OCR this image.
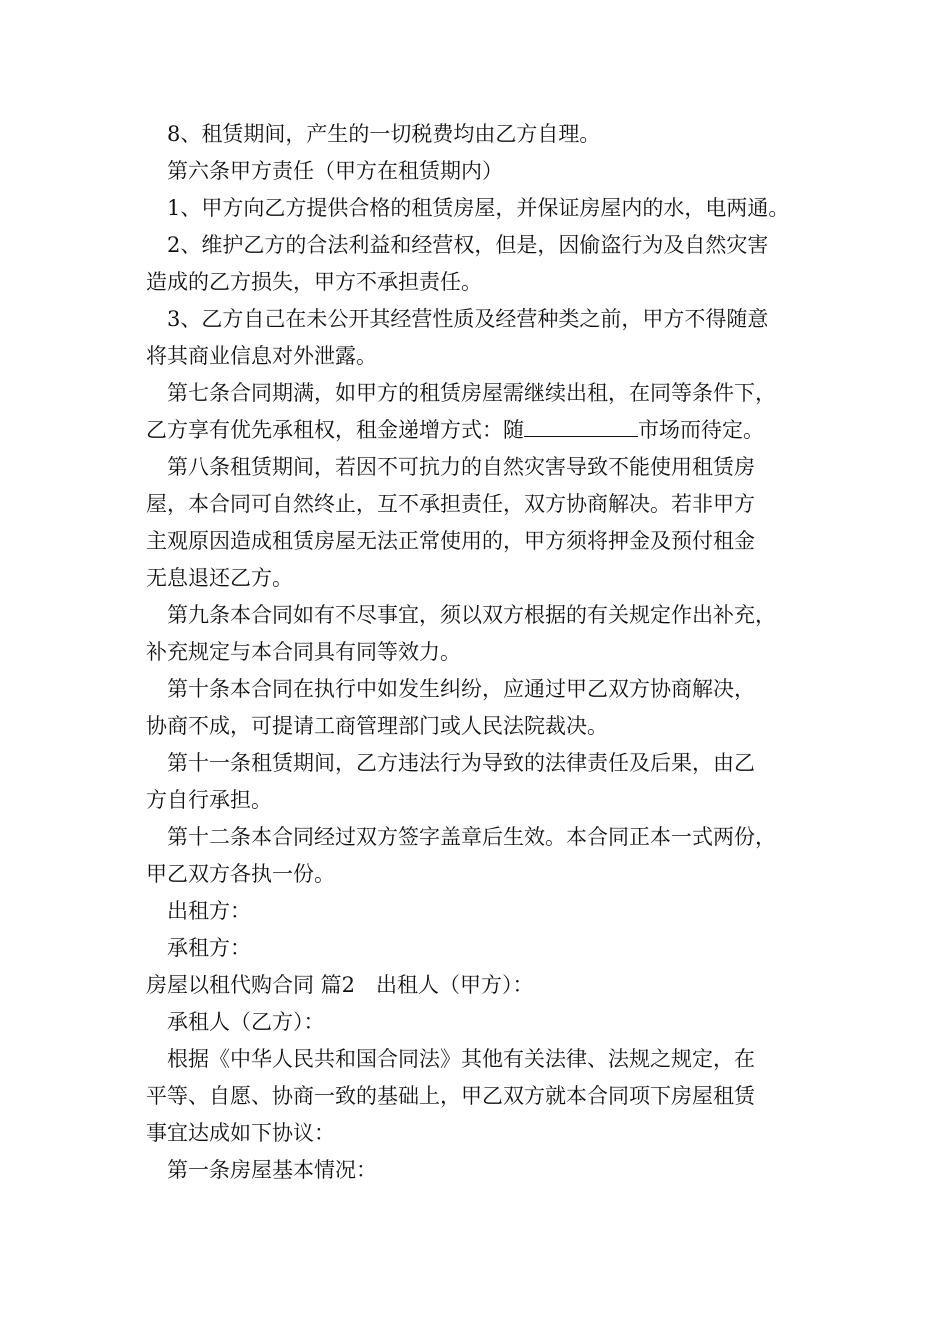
8、租赁期间，产生的一切税费均由乙方自理。

第六条甲方责任（甲方在租赁期内）

1、甲方向乙方提供合格的租赁房屋，并保证房屋内的水，电两通。

2、维护乙方的合法利益和经营权，但是，因偷盗行为及自然灾害

造成的乙方损失，甲方不承担责任。

3、乙方自己在未公开其经营性质及经营种类之前，甲方不得随意

将其商业信息对外泄露。

第七条合同期满，如甲方的租赁房屋需继续出租，在同等条件下，

乙方享有优先承租权，租金递增方式：随	市场而待定。

第八条租赁期间，若因不可抗力的自然灾害导致不能使用租赁房

屋，本合同可自然终止，互不承担责任，双方协商解决。若非甲方

主观原因造成租赁房屋无法正常使用的，甲方须将押金及预付租金

无息退还乙方。

第九条本合同如有不尽事宜，须以双方根据的有关规定作出补充，

补充规定与本合同具有同等效力。

第十条本合同在执行中如发生纠纷，应通过甲乙双方协商解决，

协商不成，可提请工商管理部门或人民法院裁决。

第十一条租赁期间，乙方违法行为导致的法律责任及后果，由乙

方自行承担。

第十二条本合同经过双方签字盖章后生效。本合同正本一式两份，

甲乙双方各执一份。

出租方：

承租方：

房屋以租代购合同 篇2　出租人（甲方）：

承租人（乙方）：

根据《中华人民共和国合同法》其他有关法律、法规之规定，在

平等、自愿、协商一致的基础上，甲乙双方就本合同项下房屋租赁

事宜达成如下协议：

第一条房屋基本情况：
